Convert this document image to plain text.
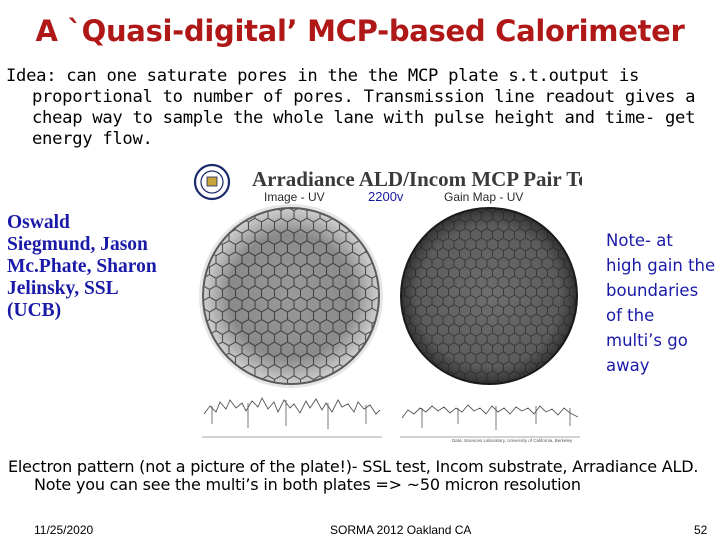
A `Quasi-digital’ MCP-based Calorimeter

Idea: can one saturate pores in the the MCP plate s.t.output is proportional to number of pores. Transmission line readout gives a cheap way to sample the whole lane with pulse height and time- get energy flow.

Oswald
Siegmund, Jason
Mc.Phate, Sharon
Jelinsky, SSL
(UCB)
Arradiance ALD/Incom MCP Pair Test
Image - UV	2200v	Gain Map - UV
Data: Sciences Laboratory, University of California, Berkeley
Note- at
high gain the
boundaries
of the
multi’s go
away
Electron pattern (not a picture of the plate!)- SSL test, Incom substrate, Arradiance ALD. Note you can see the multi’s in both plates => ~50 micron resolution
11/25/2020	SORMA 2012 Oakland CA	52
